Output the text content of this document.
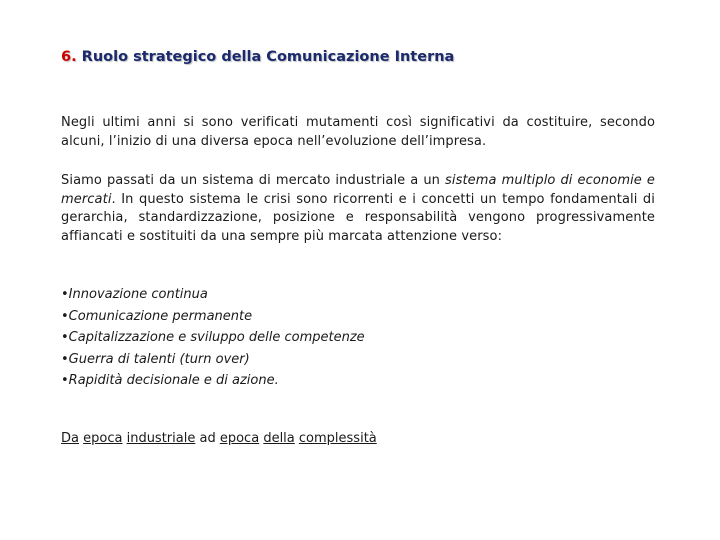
6. Ruolo strategico della Comunicazione Interna

Negli ultimi anni si sono verificati mutamenti così significativi da costituire, secondo alcuni, l’inizio di una diversa epoca nell’evoluzione dell’impresa.

Siamo passati da un sistema di mercato industriale a un sistema multiplo di economie e mercati. In questo sistema le crisi sono ricorrenti e i concetti un tempo fondamentali di gerarchia, standardizzazione, posizione e responsabilità vengono progressivamente affiancati e sostituiti da una sempre più marcata attenzione verso:

•Innovazione continua
•Comunicazione permanente
•Capitalizzazione e sviluppo delle competenze
•Guerra di talenti (turn over)
•Rapidità decisionale e di azione.
Da epoca industriale ad epoca della complessità
